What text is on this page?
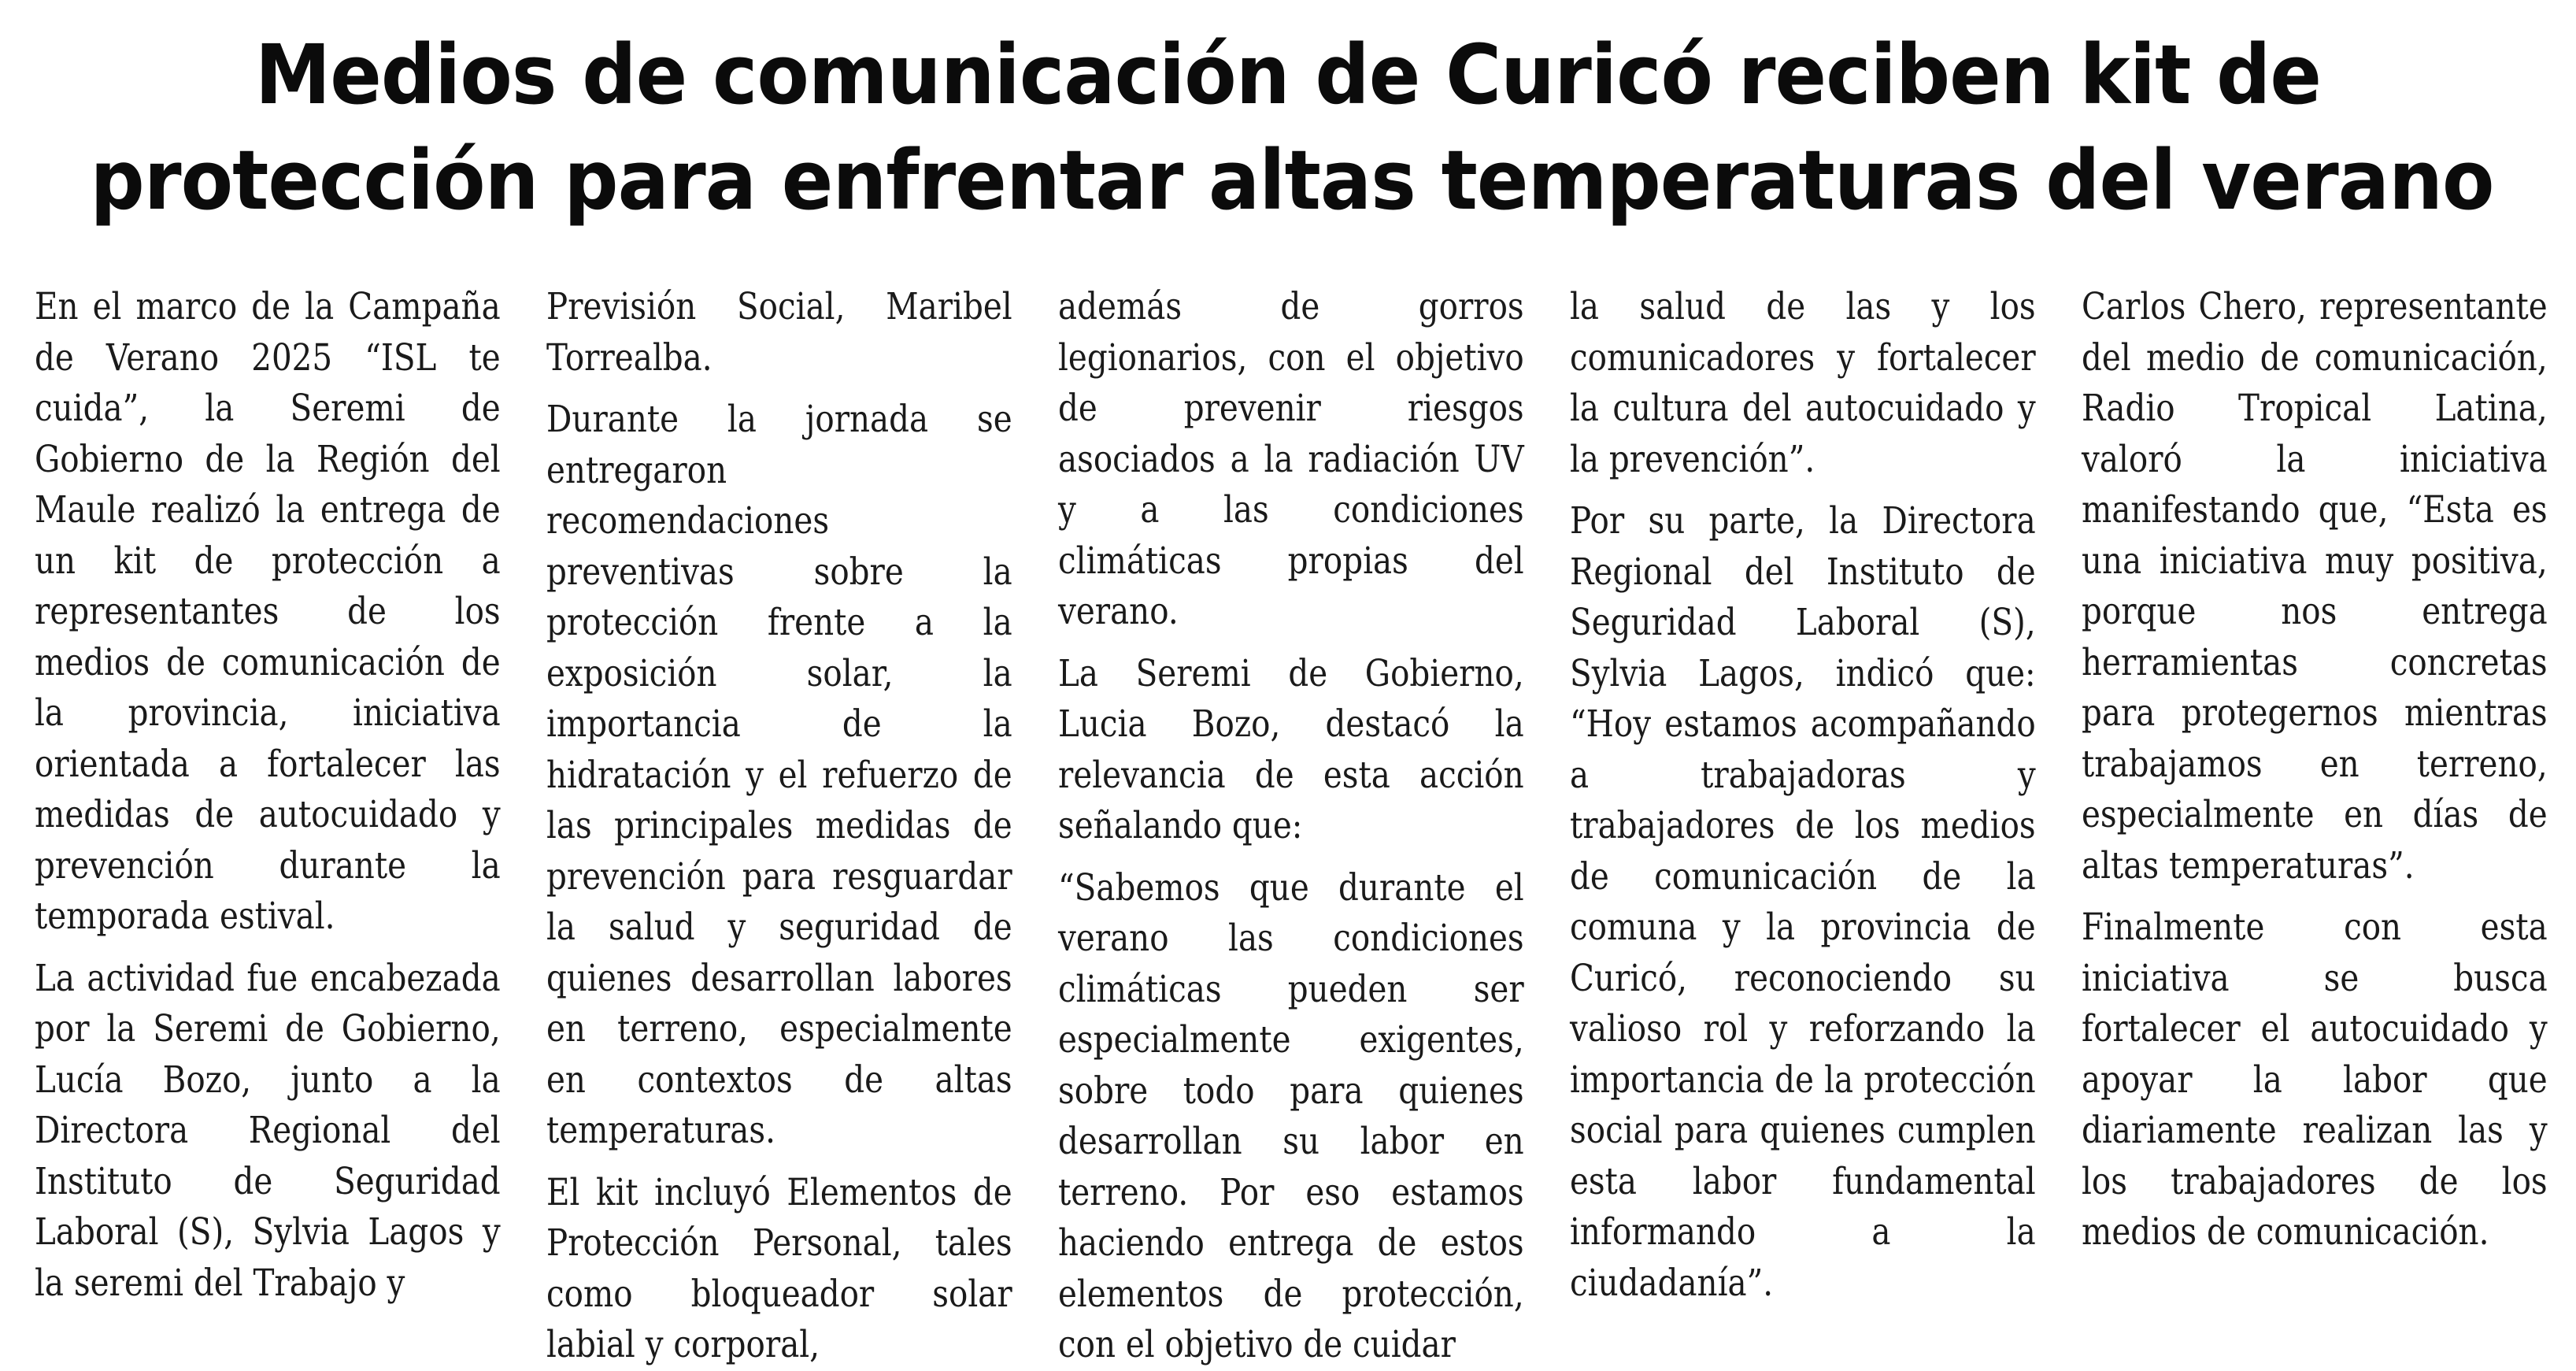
Medios de comunicación de Curicó reciben kit de
protección para enfrentar altas temperaturas del verano

En el marco de la Campaña de Verano 2025 “ISL te cuida”, la Seremi de Gobierno de la Región del Maule realizó la entrega de un kit de protección a representantes de los medios de comunicación de la provincia, iniciativa orientada a fortalecer las medidas de autocuidado y prevención durante la temporada estival.

La actividad fue encabezada por la Seremi de Gobierno, Lucía Bozo, junto a la Directora Regional del Instituto de Seguridad Laboral (S), Sylvia Lagos y la seremi del Trabajo y

Previsión Social, Maribel Torrealba.

Durante la jornada se entregaron recomendaciones preventivas sobre la protección frente a la exposición solar, la importancia de la hidratación y el refuerzo de las principales medidas de prevención para resguardar la salud y seguridad de quienes desarrollan labores en terreno, especialmente en contextos de altas temperaturas.

El kit incluyó Elementos de Protección Personal, tales como bloqueador solar labial y corporal,

además de gorros legionarios, con el objetivo de prevenir riesgos asociados a la radiación UV y a las condiciones climáticas propias del verano.

La Seremi de Gobierno, Lucia Bozo, destacó la relevancia de esta acción señalando que:

“Sabemos que durante el verano las condiciones climáticas pueden ser especialmente exigentes, sobre todo para quienes desarrollan su labor en terreno. Por eso estamos haciendo entrega de estos elementos de protección, con el objetivo de cuidar

la salud de las y los comunicadores y fortalecer la cultura del autocuidado y la prevención”.

Por su parte, la Directora Regional del Instituto de Seguridad Laboral (S), Sylvia Lagos, indicó que: “Hoy estamos acompañando a trabajadoras y trabajadores de los medios de comunicación de la comuna y la provincia de Curicó, reconociendo su valioso rol y reforzando la importancia de la protección social para quienes cumplen esta labor fundamental informando a la ciudadanía”.

Carlos Chero, representante del medio de comunicación, Radio Tropical Latina, valoró la iniciativa manifestando que, “Esta es una iniciativa muy positiva, porque nos entrega herramientas concretas para protegernos mientras trabajamos en terreno, especialmente en días de altas temperaturas”.

Finalmente con esta iniciativa se busca fortalecer el autocuidado y apoyar la labor que diariamente realizan las y los trabajadores de los medios de comunicación.
